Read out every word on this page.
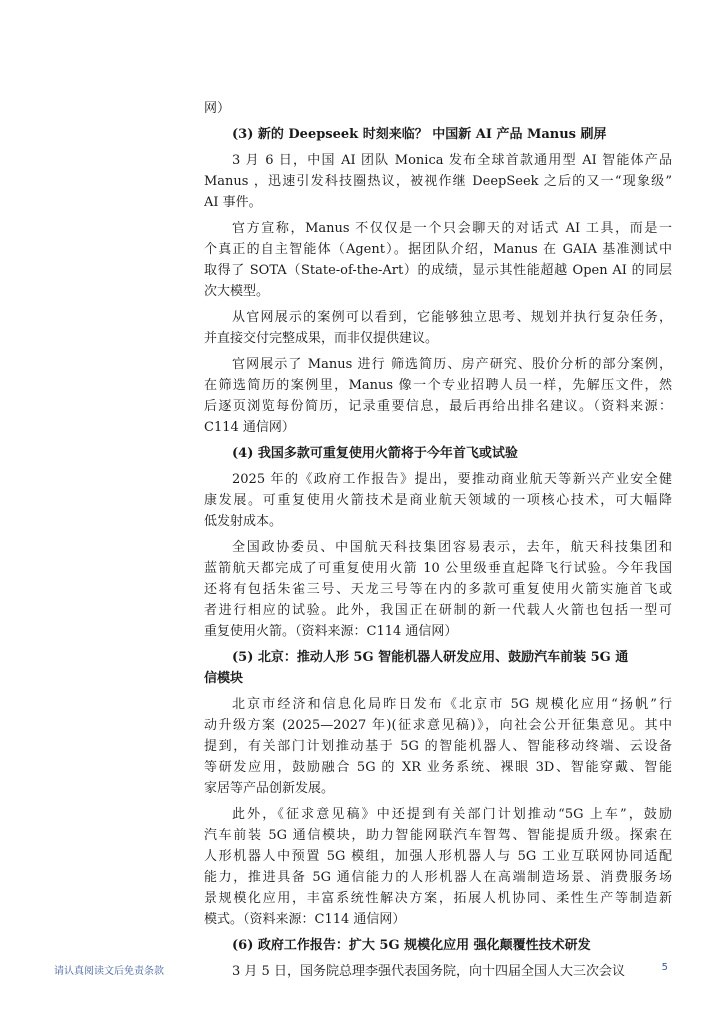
网）
(3) 新的 Deepseek 时刻来临？ 中国新 AI 产品 Manus 刷屏
3 月 6 日，中国 AI 团队 Monica 发布全球首款通用型 AI 智能体产品
Manus ，迅速引发科技圈热议，被视作继 DeepSeek 之后的又一“现象级”
AI 事件。
官方宣称，Manus 不仅仅是一个只会聊天的对话式 AI 工具，而是一
个真正的自主智能体（Agent）。据团队介绍，Manus 在 GAIA 基准测试中
取得了 SOTA（State-of-the-Art）的成绩，显示其性能超越 Open AI 的同层
次大模型。
从官网展示的案例可以看到，它能够独立思考、规划并执行复杂任务，
并直接交付完整成果，而非仅提供建议。
官网展示了 Manus 进行 筛选简历、房产研究、股价分析的部分案例，
在筛选简历的案例里，Manus 像一个专业招聘人员一样，先解压文件，然
后逐页浏览每份简历，记录重要信息，最后再给出排名建议。（资料来源：
C114 通信网）
(4) 我国多款可重复使用火箭将于今年首飞或试验
2025 年的《政府工作报告》提出，要推动商业航天等新兴产业安全健
康发展。可重复使用火箭技术是商业航天领域的一项核心技术，可大幅降
低发射成本。
全国政协委员、中国航天科技集团容易表示，去年，航天科技集团和
蓝箭航天都完成了可重复使用火箭 10 公里级垂直起降飞行试验。今年我国
还将有包括朱雀三号、天龙三号等在内的多款可重复使用火箭实施首飞或
者进行相应的试验。此外，我国正在研制的新一代载人火箭也包括一型可
重复使用火箭。（资料来源：C114 通信网）
(5) 北京：推动人形 5G 智能机器人研发应用、鼓励汽车前装 5G 通
信模块
北京市经济和信息化局昨日发布《北京市 5G 规模化应用“扬帆”行
动升级方案 (2025—2027 年)(征求意见稿)》，向社会公开征集意见。其中
提到，有关部门计划推动基于 5G 的智能机器人、智能移动终端、云设备
等研发应用，鼓励融合 5G 的 XR 业务系统、裸眼 3D、智能穿戴、智能
家居等产品创新发展。
此外，《征求意见稿》中还提到有关部门计划推动“5G 上车”，鼓励
汽车前装 5G 通信模块，助力智能网联汽车智驾、智能提质升级。探索在
人形机器人中预置 5G 模组，加强人形机器人与 5G 工业互联网协同适配
能力，推进具备 5G 通信能力的人形机器人在高端制造场景、消费服务场
景规模化应用，丰富系统性解决方案，拓展人机协同、柔性生产等制造新
模式。（资料来源：C114 通信网）
(6) 政府工作报告：扩大 5G 规模化应用 强化颠覆性技术研发
3 月 5 日，国务院总理李强代表国务院，向十四届全国人大三次会议
请认真阅读文后免责条款	5
